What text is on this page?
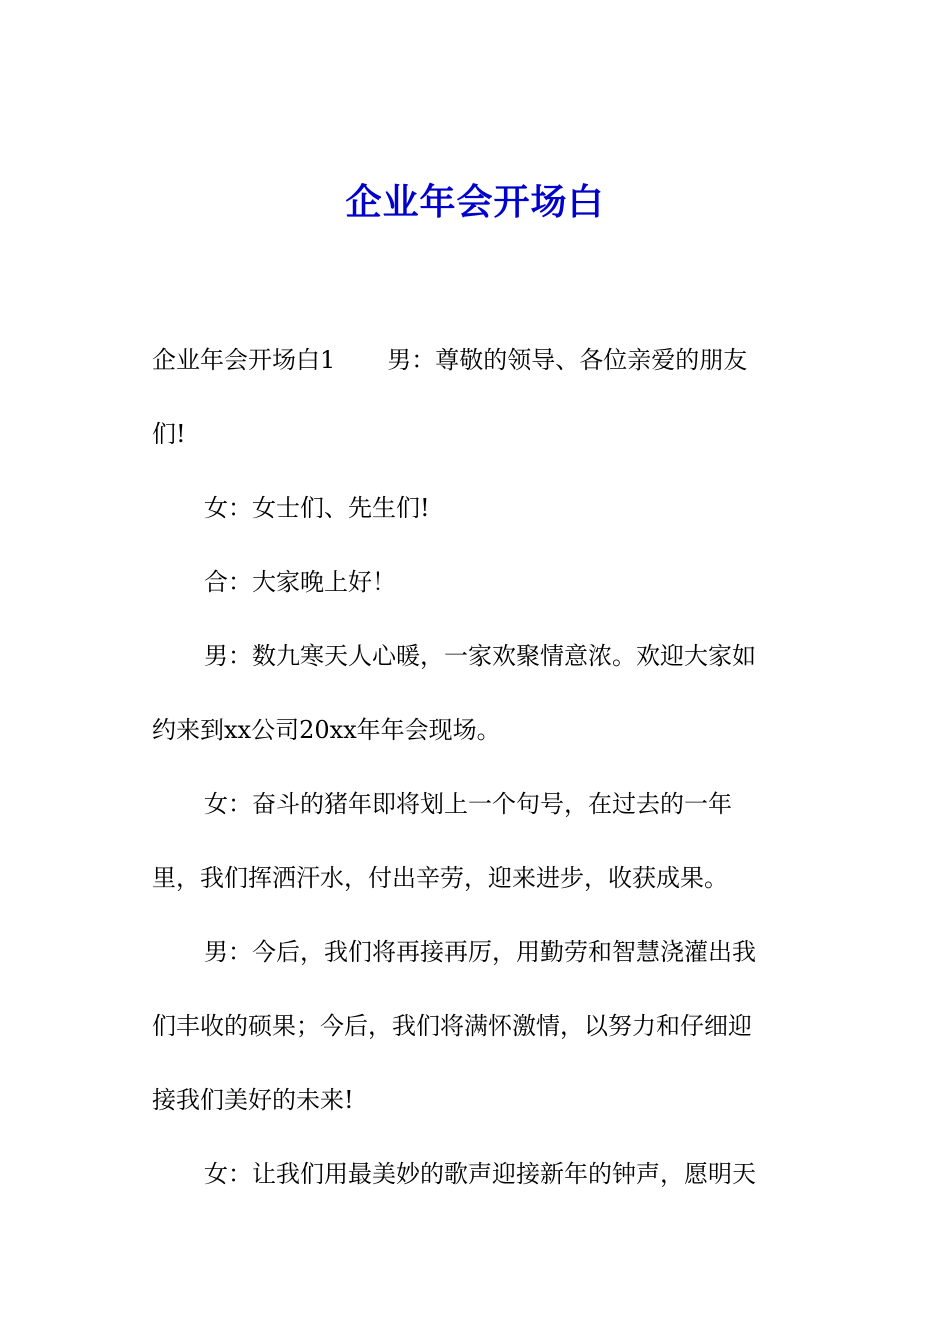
企业年会开场白
企业年会开场白1 男：尊敬的领导、各位亲爱的朋友
们!
女：女士们、先生们!
合：大家晚上好！
男：数九寒天人心暖，一家欢聚情意浓。欢迎大家如
约来到xx公司20xx年年会现场。
女：奋斗的猪年即将划上一个句号，在过去的一年
里，我们挥洒汗水，付出辛劳，迎来进步，收获成果。
男：今后，我们将再接再厉，用勤劳和智慧浇灌出我
们丰收的硕果；今后，我们将满怀激情，以努力和仔细迎
接我们美好的未来!
女：让我们用最美妙的歌声迎接新年的钟声，愿明天
